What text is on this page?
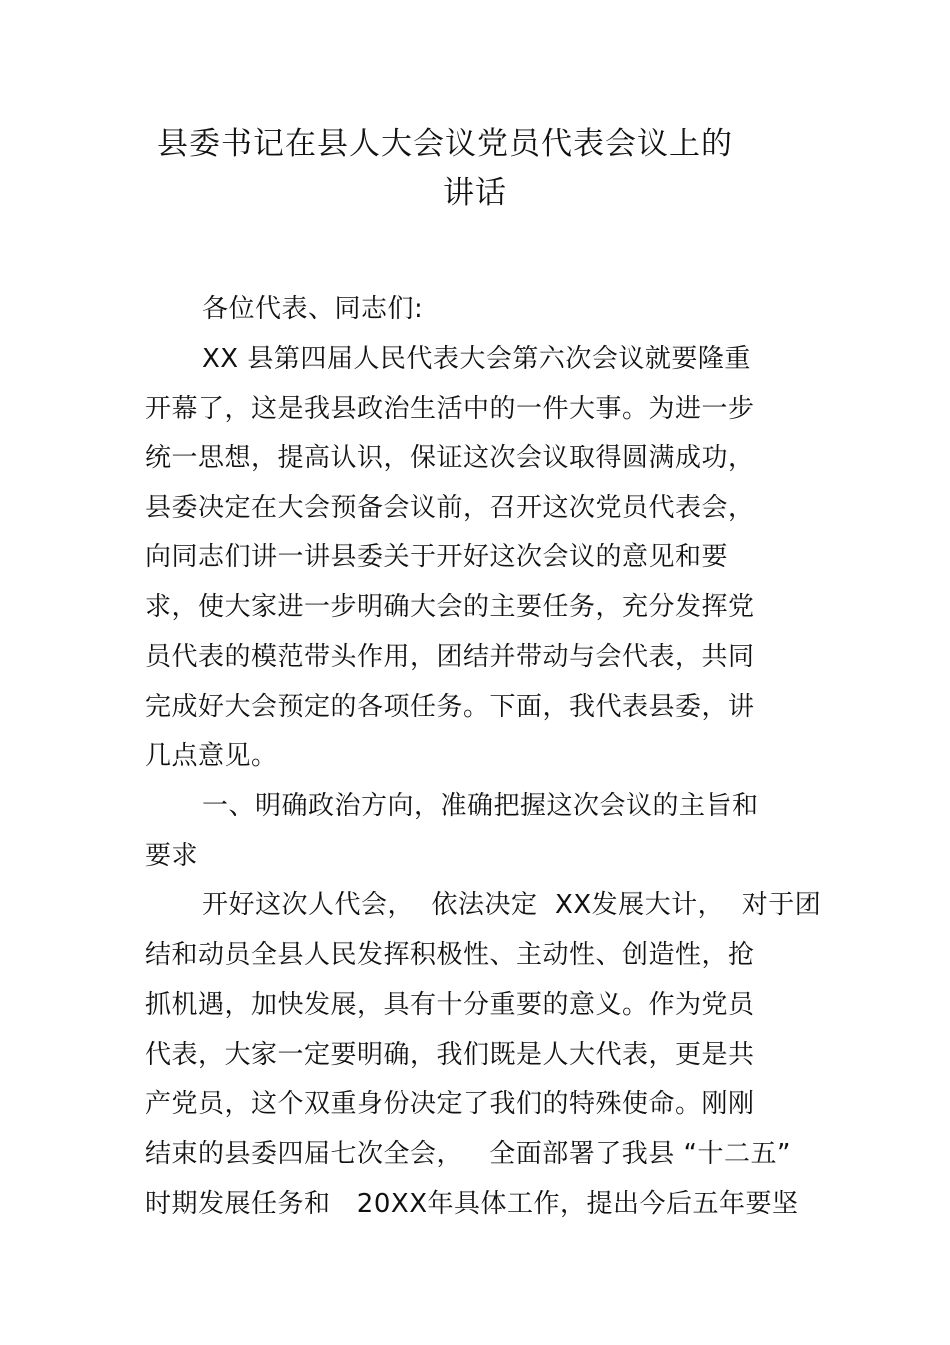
县委书记在县人大会议党员代表会议上的
讲话
各位代表、同志们:
XX 县第四届人民代表大会第六次会议就要隆重
开幕了，这是我县政治生活中的一件大事。为进一步
统一思想，提高认识，保证这次会议取得圆满成功，
县委决定在大会预备会议前，召开这次党员代表会，
向同志们讲一讲县委关于开好这次会议的意见和要
求，使大家进一步明确大会的主要任务，充分发挥党
员代表的模范带头作用，团结并带动与会代表，共同
完成好大会预定的各项任务。下面，我代表县委，讲
几点意见。
一、明确政治方向，准确把握这次会议的主旨和
要求
开好这次人代会，  依法决定  XX发展大计，  对于团
结和动员全县人民发挥积极性、主动性、创造性，抢
抓机遇，加快发展，具有十分重要的意义。作为党员
代表，大家一定要明确，我们既是人大代表，更是共
产党员，这个双重身份决定了我们的特殊使命。刚刚
结束的县委四届七次全会，   全面部署了我县 “十二五”
时期发展任务和   20XX年具体工作，提出今后五年要坚
